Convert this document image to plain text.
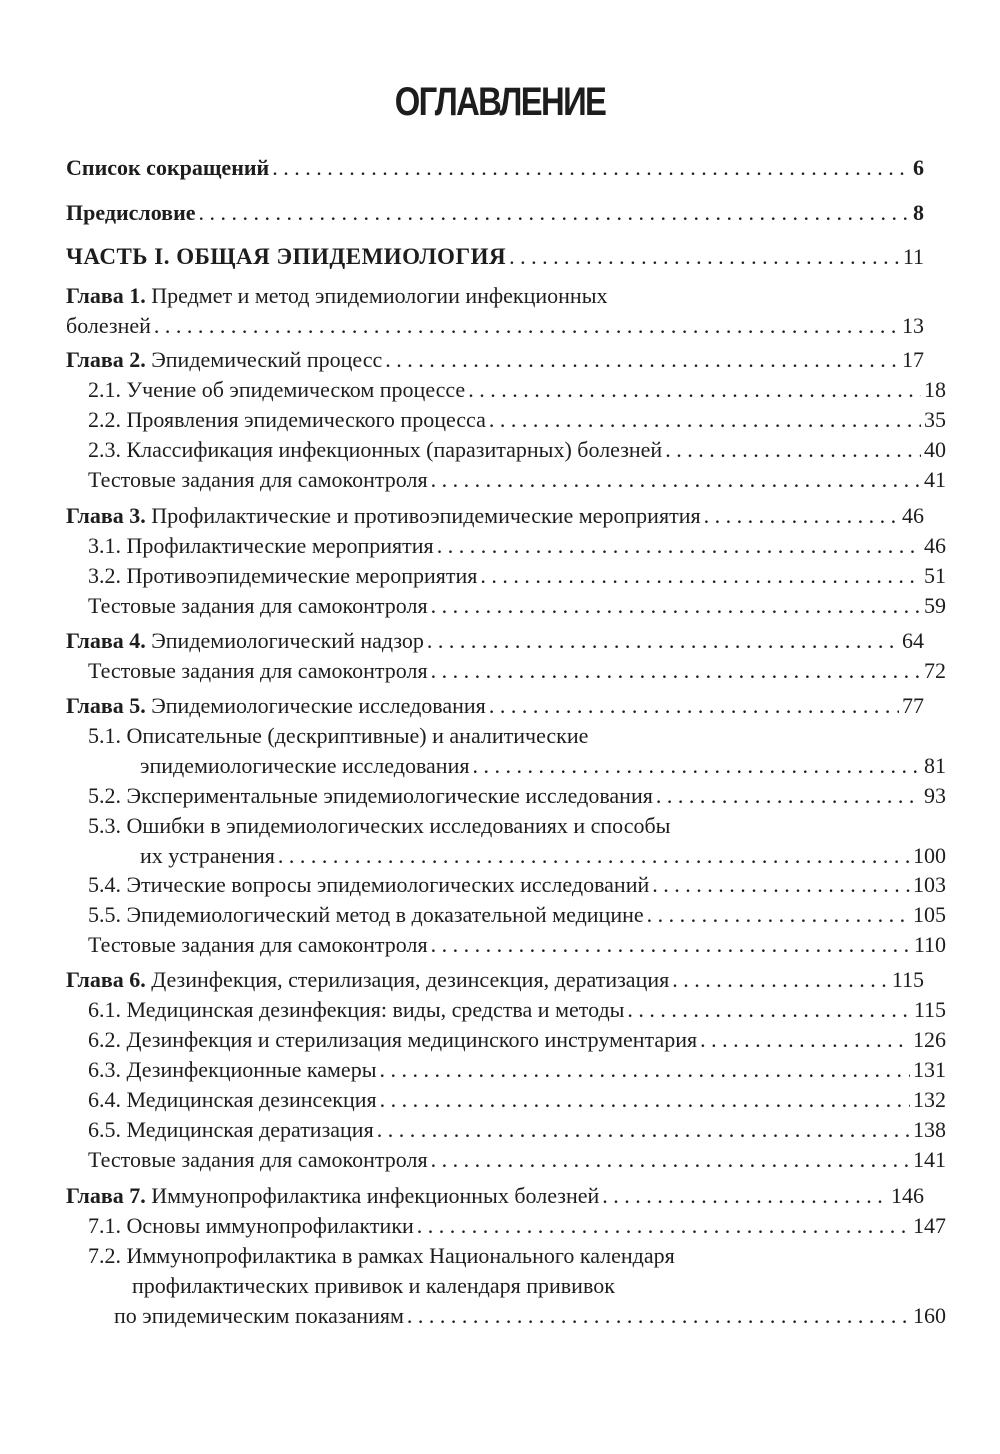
ОГЛАВЛЕНИЕ
Список сокращений . . .	6
Предисловие . . .	8
ЧАСТЬ I. ОБЩАЯ ЭПИДЕМИОЛОГИЯ . . .	11
Глава 1. Предмет и метод эпидемиологии инфекционных
болезней . . .	13
Глава 2. Эпидемический процесс . . .	17
2.1. Учение об эпидемическом процессе . . .	18
2.2. Проявления эпидемического процесса . . .	35
2.3. Классификация инфекционных (паразитарных) болезней . . .	40
Тестовые задания для самоконтроля . . .	41
Глава 3. Профилактические и противоэпидемические мероприятия . . .	46
3.1. Профилактические мероприятия . . .	46
3.2. Противоэпидемические мероприятия . . .	51
Тестовые задания для самоконтроля . . .	59
Глава 4. Эпидемиологический надзор . . .	64
Тестовые задания для самоконтроля . . .	72
Глава 5. Эпидемиологические исследования . . .	77
5.1. Описательные (дескриптивные) и аналитические
эпидемиологические исследования . . .	81
5.2. Экспериментальные эпидемиологические исследования . . .	93
5.3. Ошибки в эпидемиологических исследованиях и способы
их устранения . . .	100
5.4. Этические вопросы эпидемиологических исследований . . .	103
5.5. Эпидемиологический метод в доказательной медицине . . .	105
Тестовые задания для самоконтроля . . .	110
Глава 6. Дезинфекция, стерилизация, дезинсекция, дератизация . . .	115
6.1. Медицинская дезинфекция: виды, средства и методы . . .	115
6.2. Дезинфекция и стерилизация медицинского инструментария . . .	126
6.3. Дезинфекционные камеры . . .	131
6.4. Медицинская дезинсекция . . .	132
6.5. Медицинская дератизация . . .	138
Тестовые задания для самоконтроля . . .	141
Глава 7. Иммунопрофилактика инфекционных болезней . . .	146
7.1. Основы иммунопрофилактики . . .	147
7.2. Иммунопрофилактика в рамках Национального календаря
профилактических прививок и календаря прививок
по эпидемическим показаниям . . .	160
